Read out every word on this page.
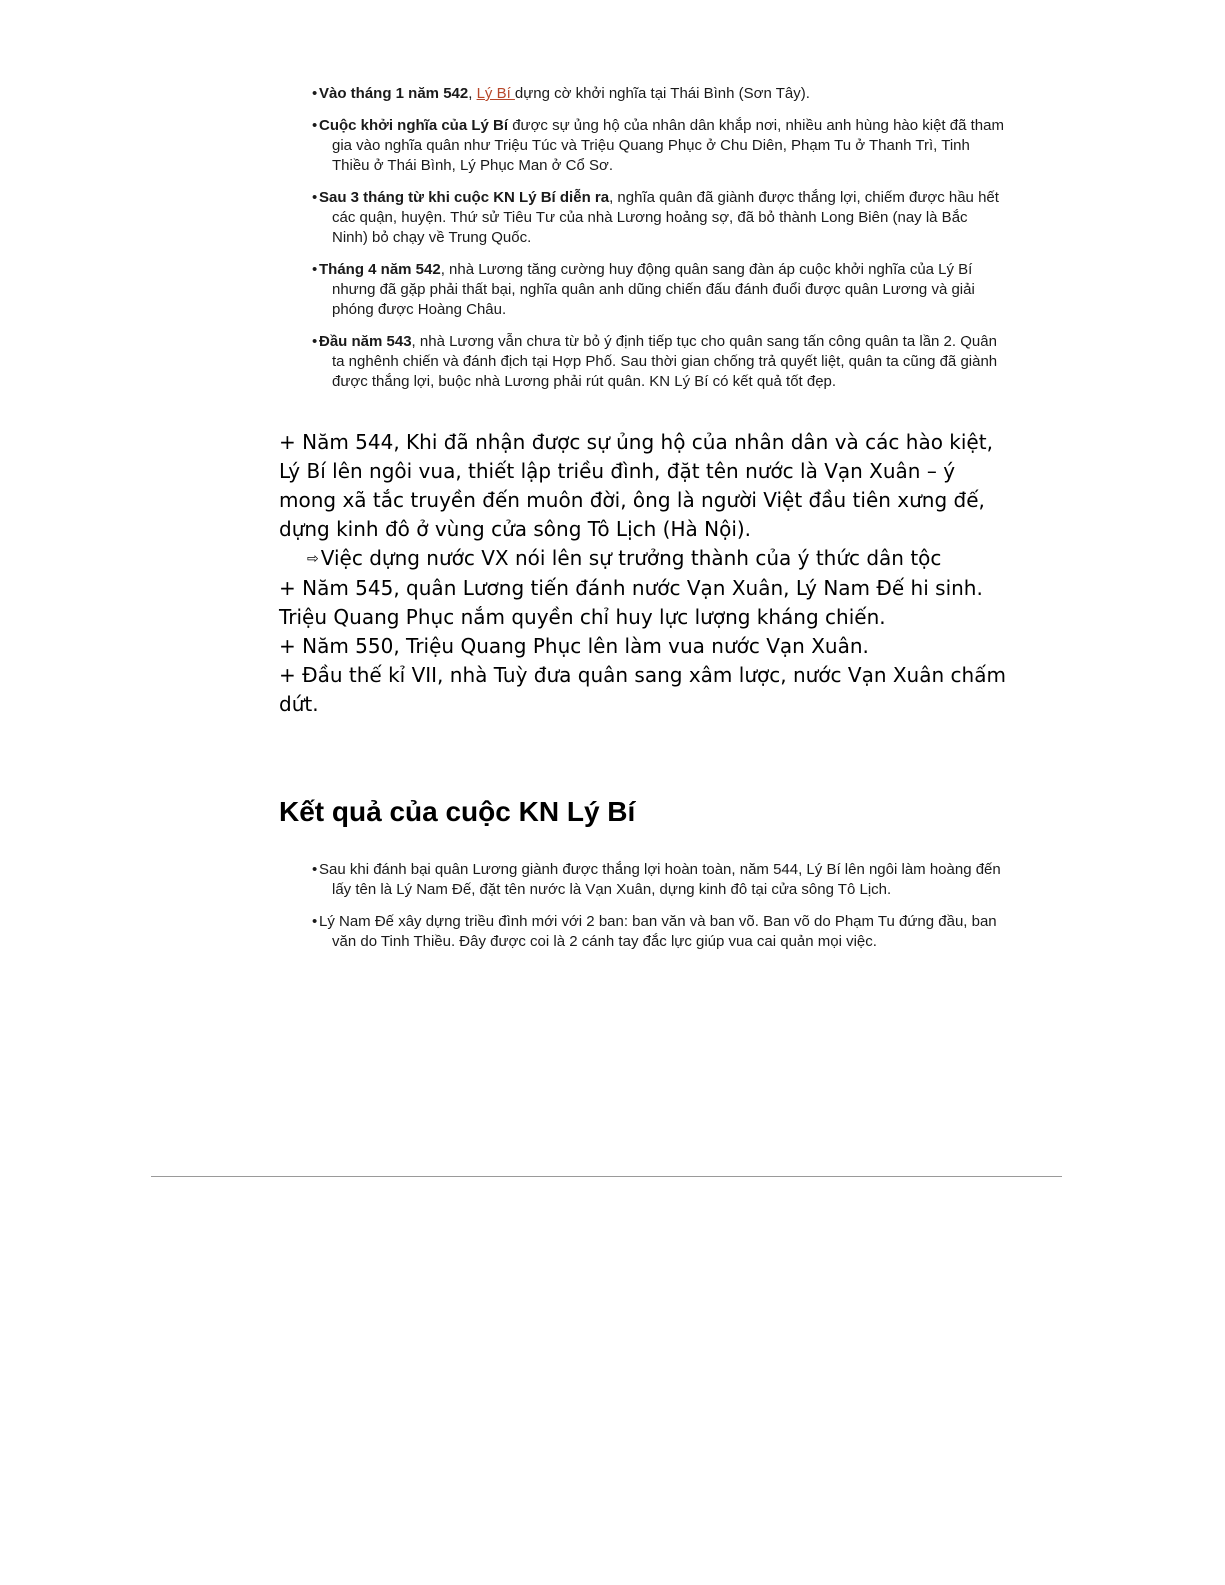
• Vào tháng 1 năm 542, Lý Bí dựng cờ khởi nghĩa tại Thái Bình (Sơn Tây).
• Cuộc khởi nghĩa của Lý Bí được sự ủng hộ của nhân dân khắp nơi, nhiều anh hùng hào kiệt đã tham gia vào nghĩa quân như Triệu Túc và Triệu Quang Phục ở Chu Diên, Phạm Tu ở Thanh Trì, Tinh Thiều ở Thái Bình, Lý Phục Man ở Cổ Sơ.
• Sau 3 tháng từ khi cuộc KN Lý Bí diễn ra, nghĩa quân đã giành được thắng lợi, chiếm được hầu hết các quận, huyện. Thứ sử Tiêu Tư của nhà Lương hoảng sợ, đã bỏ thành Long Biên (nay là Bắc Ninh) bỏ chạy về Trung Quốc.
• Tháng 4 năm 542, nhà Lương tăng cường huy động quân sang đàn áp cuộc khởi nghĩa của Lý Bí nhưng đã gặp phải thất bại, nghĩa quân anh dũng chiến đấu đánh đuổi được quân Lương và giải phóng được Hoàng Châu.
• Đầu năm 543, nhà Lương vẫn chưa từ bỏ ý định tiếp tục cho quân sang tấn công quân ta lần 2. Quân ta nghênh chiến và đánh địch tại Hợp Phố. Sau thời gian chống trả quyết liệt, quân ta cũng đã giành được thắng lợi, buộc nhà Lương phải rút quân. KN Lý Bí có kết quả tốt đẹp.

+ Năm 544, Khi đã nhận được sự ủng hộ của nhân dân và các hào kiệt, Lý Bí lên ngôi vua, thiết lập triều đình, đặt tên nước là Vạn Xuân – ý mong xã tắc truyền đến muôn đời, ông là người Việt đầu tiên xưng đế, dựng kinh đô ở vùng cửa sông Tô Lịch (Hà Nội).

⇨ Việc dựng nước VX nói lên sự trưởng thành của ý thức dân tộc

+ Năm 545, quân Lương tiến đánh nước Vạn Xuân, Lý Nam Đế hi sinh. Triệu Quang Phục nắm quyền chỉ huy lực lượng kháng chiến.

+ Năm 550, Triệu Quang Phục lên làm vua nước Vạn Xuân.

+ Đầu thế kỉ VII, nhà Tuỳ đưa quân sang xâm lược, nước Vạn Xuân chấm dứt.

Kết quả của cuộc KN Lý Bí
• Sau khi đánh bại quân Lương giành được thắng lợi hoàn toàn, năm 544, Lý Bí lên ngôi làm hoàng đến lấy tên là Lý Nam Đế, đặt tên nước là Vạn Xuân, dựng kinh đô tại cửa sông Tô Lịch.
• Lý Nam Đế xây dựng triều đình mới với 2 ban: ban văn và ban võ. Ban võ do Phạm Tu đứng đầu, ban văn do Tinh Thiều. Đây được coi là 2 cánh tay đắc lực giúp vua cai quản mọi việc.
